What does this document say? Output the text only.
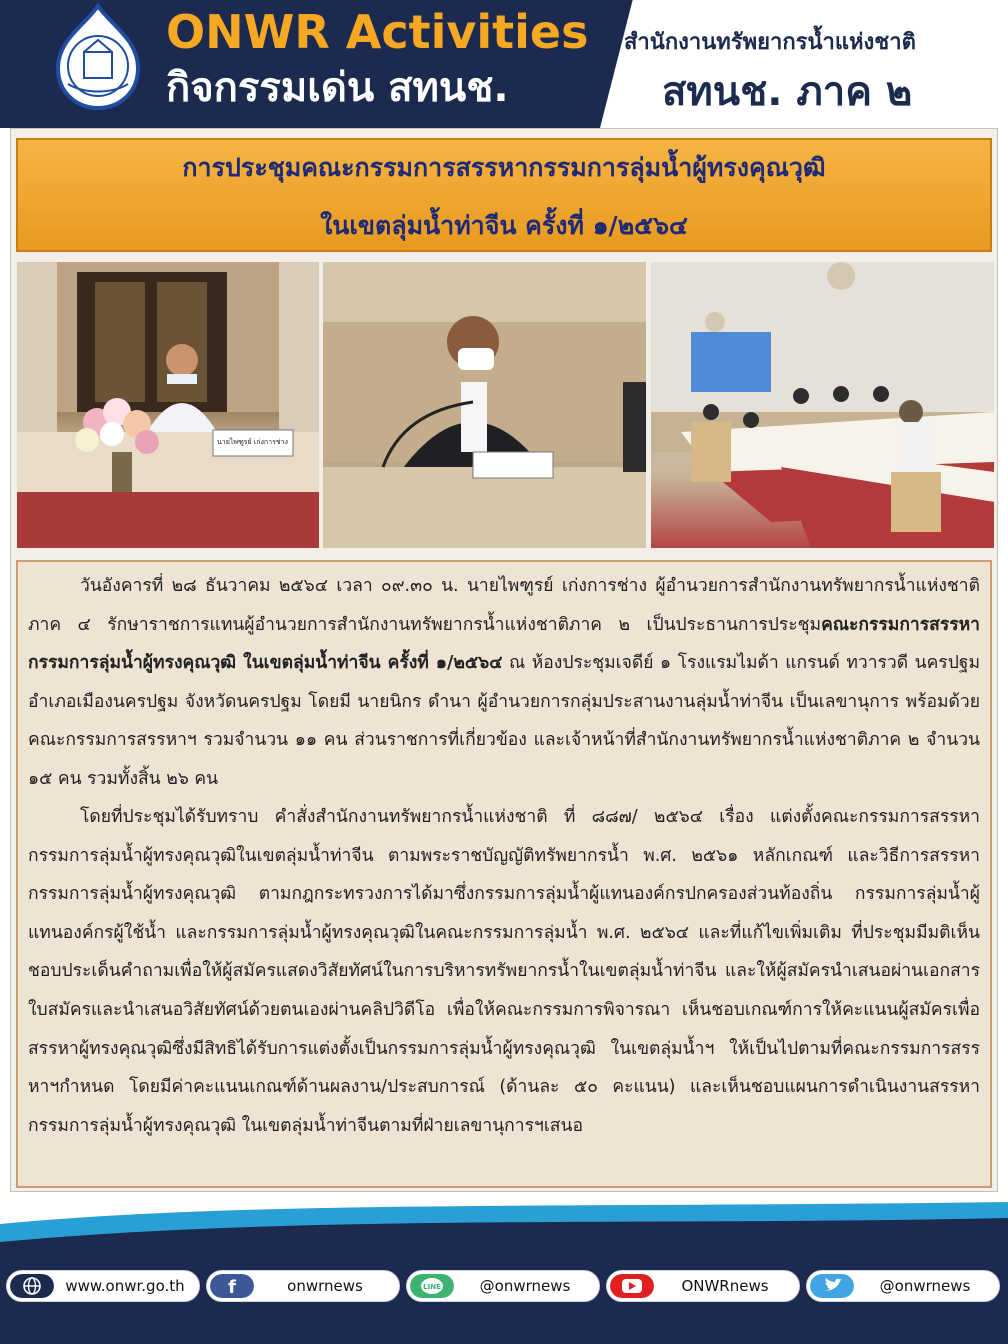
ONWR Activities
กิจกรรมเด่น สทนช.
สำนักงานทรัพยากรน้ำแห่งชาติ
สทนช. ภาค ๒
การประชุมคณะกรรมการสรรหากรรมการลุ่มน้ำผู้ทรงคุณวุฒิ
ในเขตลุ่มน้ำท่าจีน ครั้งที่ ๑/๒๕๖๔
นายไพฑูรย์ เก่งการช่าง

วันอังคารที่ ๒๘ ธันวาคม ๒๕๖๔ เวลา ๐๙.๓๐ น. นายไพฑูรย์ เก่งการช่าง ผู้อำนวยการสำนักงานทรัพยากรน้ำแห่งชาติภาค ๔ รักษาราชการแทนผู้อำนวยการสำนักงานทรัพยากรน้ำแห่งชาติภาค ๒ เป็นประธานการประชุมคณะกรรมการสรรหากรรมการลุ่มน้ำผู้ทรงคุณวุฒิ ในเขตลุ่มน้ำท่าจีน ครั้งที่ ๑/๒๕๖๔ ณ ห้องประชุมเจดีย์ ๑ โรงแรมไมด้า แกรนด์ ทวารวดี นครปฐม อำเภอเมืองนครปฐม จังหวัดนครปฐม โดยมี นายนิกร ดำนา ผู้อำนวยการกลุ่มประสานงานลุ่มน้ำท่าจีน เป็นเลขานุการ พร้อมด้วยคณะกรรมการสรรหาฯ รวมจำนวน ๑๑ คน ส่วนราชการที่เกี่ยวข้อง และเจ้าหน้าที่สำนักงานทรัพยากรน้ำแห่งชาติภาค ๒ จำนวน ๑๕ คน รวมทั้งสิ้น ๒๖ คน

โดยที่ประชุมได้รับทราบ คำสั่งสำนักงานทรัพยากรน้ำแห่งชาติ ที่ ๘๘๗/ ๒๕๖๔ เรื่อง แต่งตั้งคณะกรรมการสรรหากรรมการลุ่มน้ำผู้ทรงคุณวุฒิในเขตลุ่มน้ำท่าจีน ตามพระราชบัญญัติทรัพยากรน้ำ พ.ศ. ๒๕๖๑ หลักเกณฑ์ และวิธีการสรรหากรรมการลุ่มน้ำผู้ทรงคุณวุฒิ ตามกฎกระทรวงการได้มาซึ่งกรรมการลุ่มน้ำผู้แทนองค์กรปกครองส่วนท้องถิ่น กรรมการลุ่มน้ำผู้แทนองค์กรผู้ใช้น้ำ และกรรมการลุ่มน้ำผู้ทรงคุณวุฒิในคณะกรรมการลุ่มน้ำ พ.ศ. ๒๕๖๔ และที่แก้ไขเพิ่มเติม ที่ประชุมมีมติเห็นชอบประเด็นคำถามเพื่อให้ผู้สมัครแสดงวิสัยทัศน์ในการบริหารทรัพยากรน้ำในเขตลุ่มน้ำท่าจีน และให้ผู้สมัครนำเสนอผ่านเอกสารใบสมัครและนำเสนอวิสัยทัศน์ด้วยตนเองผ่านคลิปวิดีโอ เพื่อให้คณะกรรมการพิจารณา เห็นชอบเกณฑ์การให้คะแนนผู้สมัครเพื่อสรรหาผู้ทรงคุณวุฒิซึ่งมีสิทธิได้รับการแต่งตั้งเป็นกรรมการลุ่มน้ำผู้ทรงคุณวุฒิ ในเขตลุ่มน้ำฯ ให้เป็นไปตามที่คณะกรรมการสรรหาฯกำหนด โดยมีค่าคะแนนเกณฑ์ด้านผลงาน/ประสบการณ์ (ด้านละ ๕๐ คะแนน) และเห็นชอบแผนการดำเนินงานสรรหากรรมการลุ่มน้ำผู้ทรงคุณวุฒิ ในเขตลุ่มน้ำท่าจีนตามที่ฝ่ายเลขานุการฯเสนอ

www.onwr.go.th	f	onwrnews	LINE	@onwrnews	ONWRnews	@onwrnews
